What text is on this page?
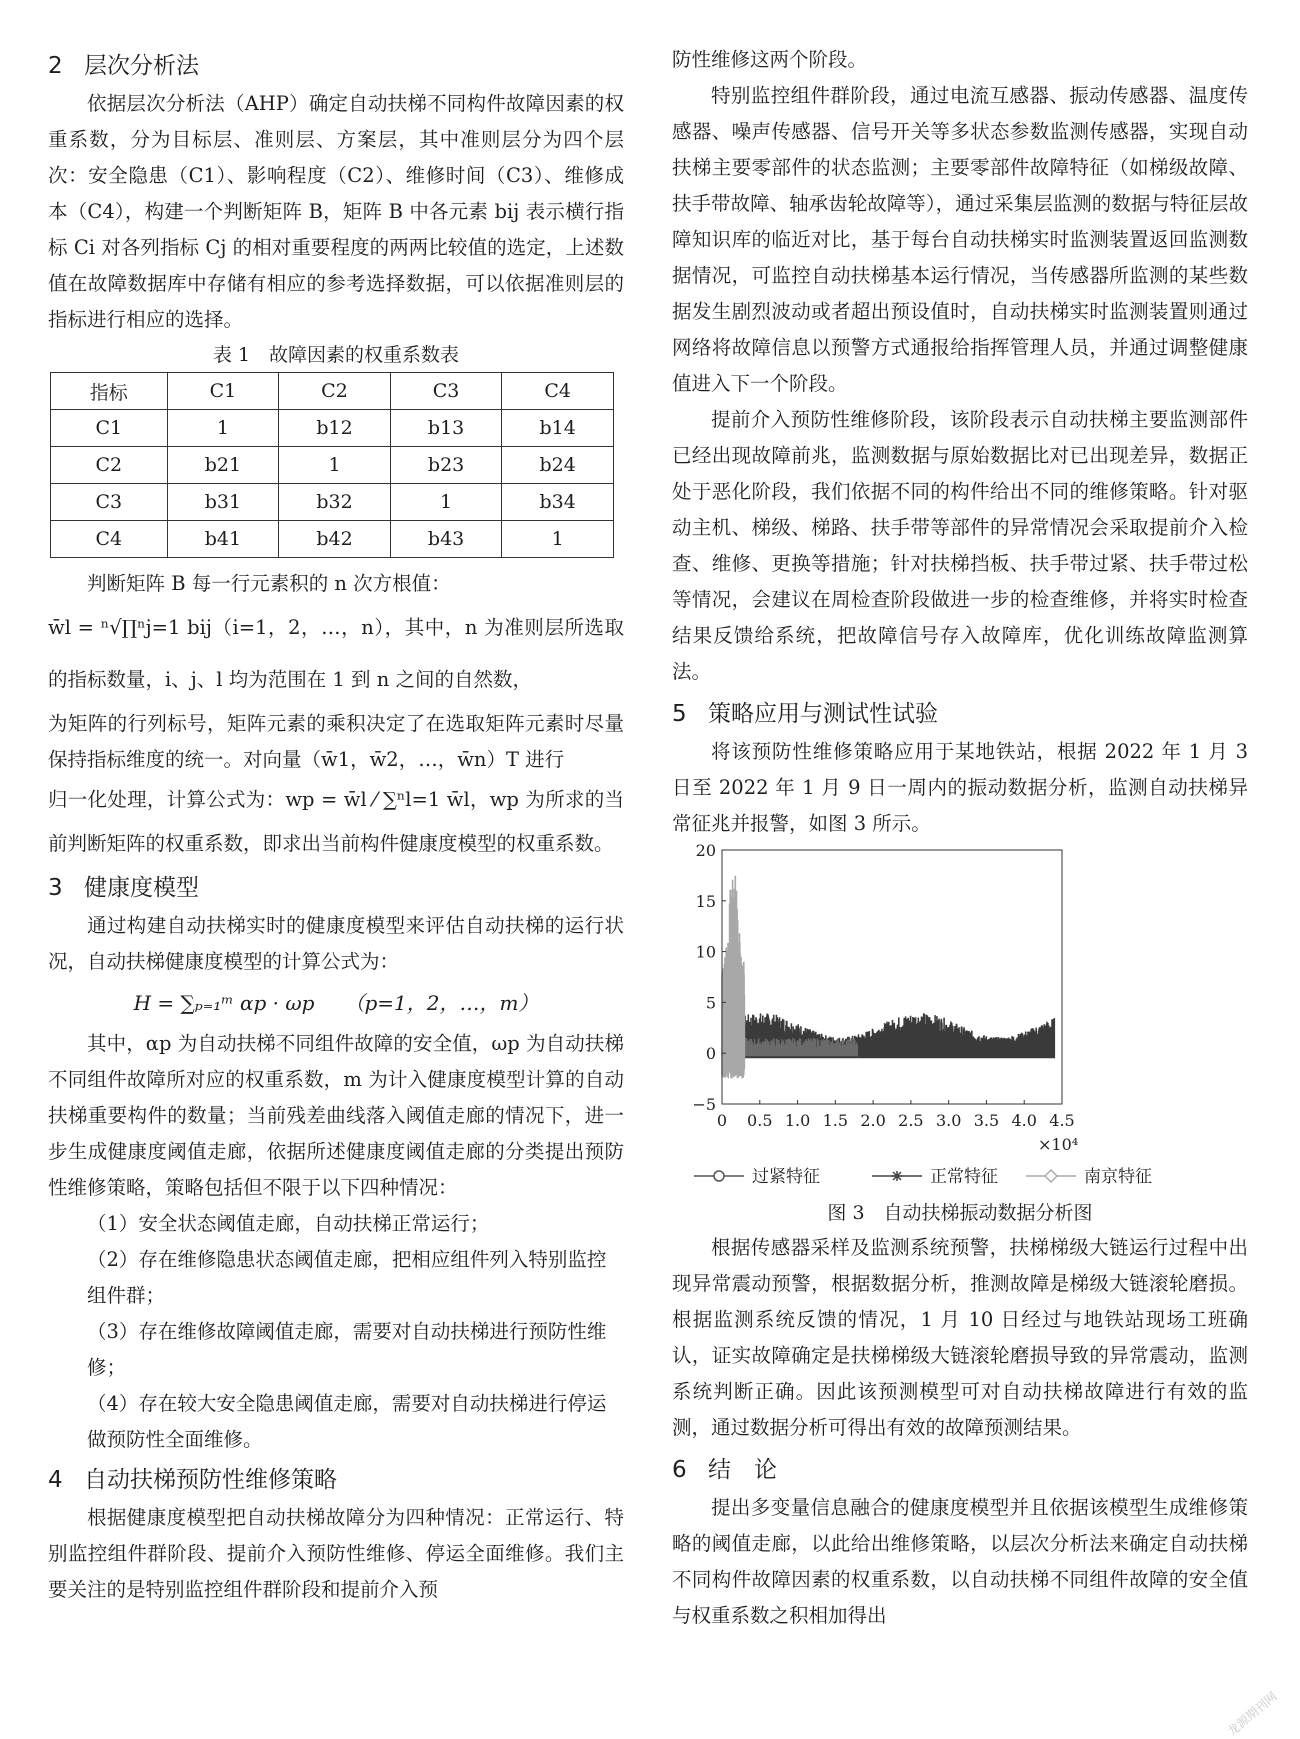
2 层次分析法

依据层次分析法（AHP）确定自动扶梯不同构件故障因素的权重系数，分为目标层、准则层、方案层，其中准则层分为四个层次：安全隐患（C1）、影响程度（C2）、维修时间（C3）、维修成本（C4），构建一个判断矩阵 B，矩阵 B 中各元素 bij 表示横行指标 Ci 对各列指标 Cj 的相对重要程度的两两比较值的选定，上述数值在故障数据库中存储有相应的参考选择数据，可以依据准则层的指标进行相应的选择。

表 1　故障因素的权重系数表
指标	C1	C2	C3	C4
C1	1	b12	b13	b14
C2	b21	1	b23	b24
C3	b31	b32	1	b34
C4	b41	b42	b43	1

判断矩阵 B 每一行元素积的 n 次方根值：

w̄l = ⁿ√∏ⁿj=1 bij（i=1，2，…，n），其中，n 为准则层所选取的指标数量，i、j、l 均为范围在 1 到 n 之间的自然数，

为矩阵的行列标号，矩阵元素的乘积决定了在选取矩阵元素时尽量保持指标维度的统一。对向量（w̄1，w̄2，…，w̄n）T 进行

归一化处理，计算公式为：wp = w̄l ⁄ ∑ⁿl=1 w̄l，wp 为所求的当前判断矩阵的权重系数，即求出当前构件健康度模型的权重系数。

3 健康度模型

通过构建自动扶梯实时的健康度模型来评估自动扶梯的运行状况，自动扶梯健康度模型的计算公式为：

H = ∑ₚ₌₁ᵐ αp · ωp　　（p=1，2，…，m）

其中，αp 为自动扶梯不同组件故障的安全值，ωp 为自动扶梯不同组件故障所对应的权重系数，m 为计入健康度模型计算的自动扶梯重要构件的数量；当前残差曲线落入阈值走廊的情况下，进一步生成健康度阈值走廊，依据所述健康度阈值走廊的分类提出预防性维修策略，策略包括但不限于以下四种情况：

（1）安全状态阈值走廊，自动扶梯正常运行；
（2）存在维修隐患状态阈值走廊，把相应组件列入特别监控组件群；
（3）存在维修故障阈值走廊，需要对自动扶梯进行预防性维修；
（4）存在较大安全隐患阈值走廊，需要对自动扶梯进行停运做预防性全面维修。
4 自动扶梯预防性维修策略

根据健康度模型把自动扶梯故障分为四种情况：正常运行、特别监控组件群阶段、提前介入预防性维修、停运全面维修。我们主要关注的是特别监控组件群阶段和提前介入预

防性维修这两个阶段。

特别监控组件群阶段，通过电流互感器、振动传感器、温度传感器、噪声传感器、信号开关等多状态参数监测传感器，实现自动扶梯主要零部件的状态监测；主要零部件故障特征（如梯级故障、扶手带故障、轴承齿轮故障等），通过采集层监测的数据与特征层故障知识库的临近对比，基于每台自动扶梯实时监测装置返回监测数据情况，可监控自动扶梯基本运行情况，当传感器所监测的某些数据发生剧烈波动或者超出预设值时，自动扶梯实时监测装置则通过网络将故障信息以预警方式通报给指挥管理人员，并通过调整健康值进入下一个阶段。

提前介入预防性维修阶段，该阶段表示自动扶梯主要监测部件已经出现故障前兆，监测数据与原始数据比对已出现差异，数据正处于恶化阶段，我们依据不同的构件给出不同的维修策略。针对驱动主机、梯级、梯路、扶手带等部件的异常情况会采取提前介入检查、维修、更换等措施；针对扶梯挡板、扶手带过紧、扶手带过松等情况，会建议在周检查阶段做进一步的检查维修，并将实时检查结果反馈给系统，把故障信号存入故障库，优化训练故障监测算法。

5 策略应用与测试性试验

将该预防性维修策略应用于某地铁站，根据 2022 年 1 月 3 日至 2022 年 1 月 9 日一周内的振动数据分析，监测自动扶梯异常征兆并报警，如图 3 所示。

0 0.5 1.0 1.5 2.0 2.5 3.0 3.5 4.0 4.5
×10⁴
20
15
10
5
0
−5
过紧特征	正常特征	南京特征
图 3　自动扶梯振动数据分析图

根据传感器采样及监测系统预警，扶梯梯级大链运行过程中出现异常震动预警，根据数据分析，推测故障是梯级大链滚轮磨损。根据监测系统反馈的情况，1 月 10 日经过与地铁站现场工班确认，证实故障确定是扶梯梯级大链滚轮磨损导致的异常震动，监测系统判断正确。因此该预测模型可对自动扶梯故障进行有效的监测，通过数据分析可得出有效的故障预测结果。

6 结　论

提出多变量信息融合的健康度模型并且依据该模型生成维修策略的阈值走廊，以此给出维修策略，以层次分析法来确定自动扶梯不同构件故障因素的权重系数，以自动扶梯不同组件故障的安全值与权重系数之积相加得出

龙源期刊网
